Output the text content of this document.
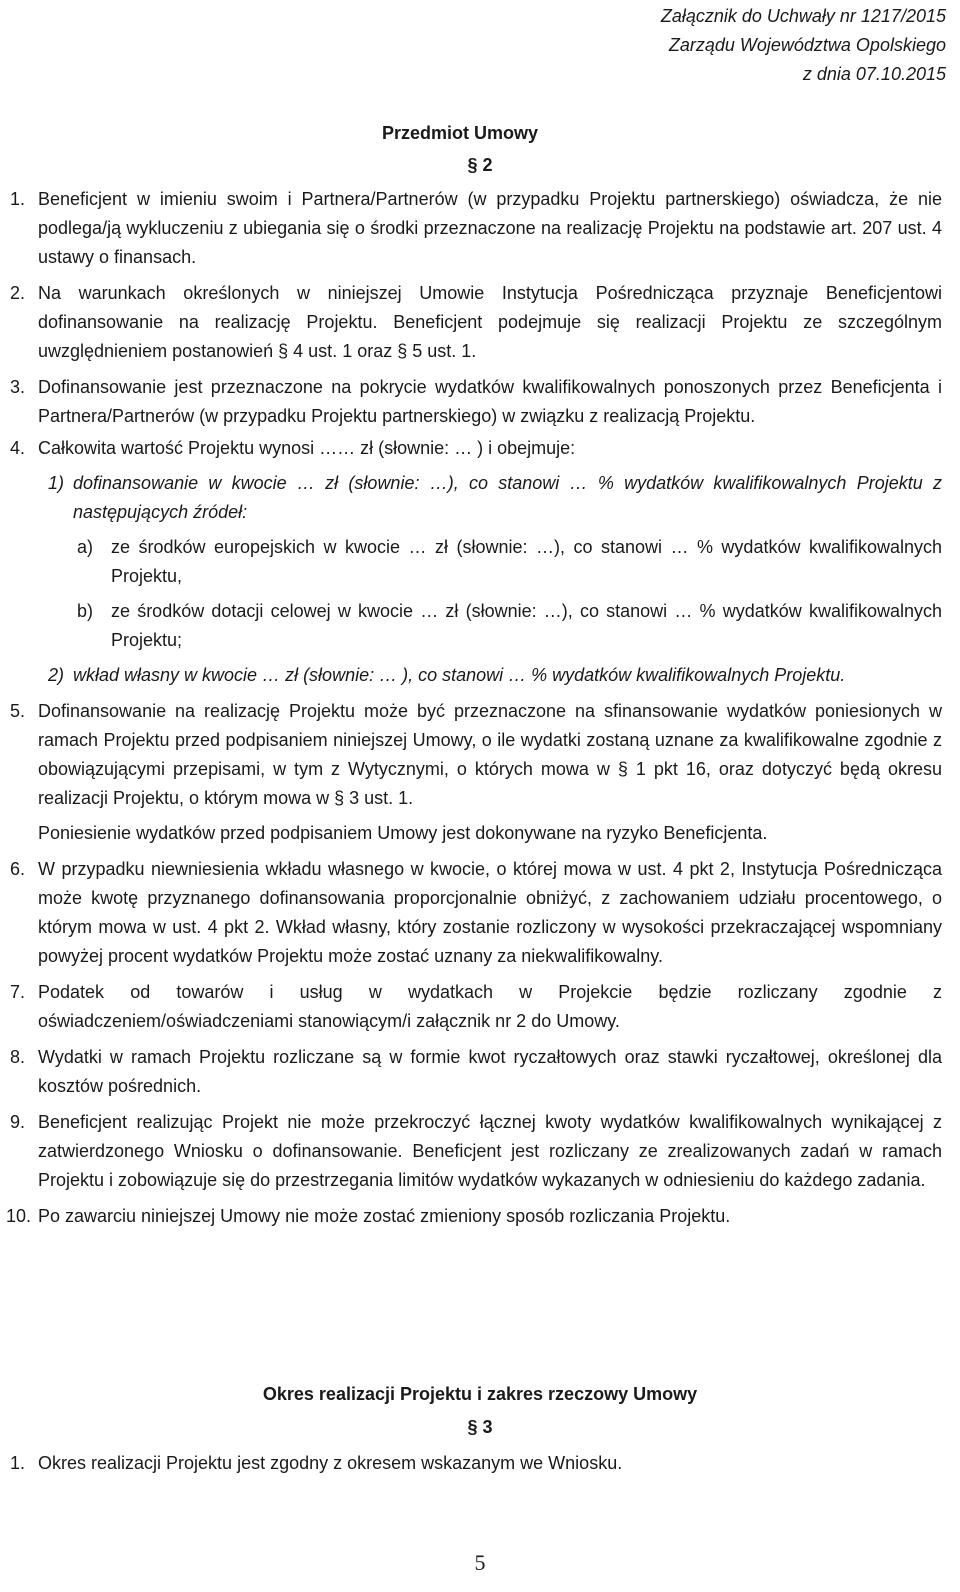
Załącznik do Uchwały nr 1217/2015
Zarządu Województwa Opolskiego
z dnia 07.10.2015
Przedmiot Umowy
§ 2
1. Beneficjent w imieniu swoim i Partnera/Partnerów (w przypadku Projektu partnerskiego) oświadcza, że nie podlega/ją wykluczeniu z ubiegania się o środki przeznaczone na realizację Projektu na podstawie art. 207 ust. 4 ustawy o finansach.

2. Na warunkach określonych w niniejszej Umowie Instytucja Pośrednicząca przyznaje Beneficjentowi dofinansowanie na realizację Projektu. Beneficjent podejmuje się realizacji Projektu ze szczególnym uwzględnieniem postanowień § 4 ust. 1 oraz § 5 ust. 1.

3. Dofinansowanie jest przeznaczone na pokrycie wydatków kwalifikowalnych ponoszonych przez Beneficjenta i Partnera/Partnerów (w przypadku Projektu partnerskiego) w związku z realizacją Projektu.

4. Całkowita wartość Projektu wynosi …… zł (słownie: … ) i obejmuje:

1) dofinansowanie w kwocie … zł (słownie: …), co stanowi … % wydatków kwalifikowalnych Projektu z następujących źródeł:
a) ze środków europejskich w kwocie … zł (słownie: …), co stanowi … % wydatków kwalifikowalnych Projektu,
b) ze środków dotacji celowej w kwocie … zł (słownie: …), co stanowi … % wydatków kwalifikowalnych Projektu;
2) wkład własny w kwocie … zł (słownie: … ), co stanowi … % wydatków kwalifikowalnych Projektu.
5. Dofinansowanie na realizację Projektu może być przeznaczone na sfinansowanie wydatków poniesionych w ramach Projektu przed podpisaniem niniejszej Umowy, o ile wydatki zostaną uznane za kwalifikowalne zgodnie z obowiązującymi przepisami, w tym z Wytycznymi, o których mowa w § 1 pkt 16, oraz dotyczyć będą okresu realizacji Projektu, o którym mowa w § 3 ust. 1.

Poniesienie wydatków przed podpisaniem Umowy jest dokonywane na ryzyko Beneficjenta.

6. W przypadku niewniesienia wkładu własnego w kwocie, o której mowa w ust. 4 pkt 2, Instytucja Pośrednicząca może kwotę przyznanego dofinansowania proporcjonalnie obniżyć, z zachowaniem udziału procentowego, o którym mowa w ust. 4 pkt 2. Wkład własny, który zostanie rozliczony w wysokości przekraczającej wspomniany powyżej procent wydatków Projektu może zostać uznany za niekwalifikowalny.

7. Podatek od towarów i usług w wydatkach w Projekcie będzie rozliczany zgodnie z oświadczeniem/oświadczeniami stanowiącym/i załącznik nr 2 do Umowy.

8. Wydatki w ramach Projektu rozliczane są w formie kwot ryczałtowych oraz stawki ryczałtowej, określonej dla kosztów pośrednich.

9. Beneficjent realizując Projekt nie może przekroczyć łącznej kwoty wydatków kwalifikowalnych wynikającej z zatwierdzonego Wniosku o dofinansowanie. Beneficjent jest rozliczany ze zrealizowanych zadań w ramach Projektu i zobowiązuje się do przestrzegania limitów wydatków wykazanych w odniesieniu do każdego zadania.

10. Po zawarciu niniejszej Umowy nie może zostać zmieniony sposób rozliczania Projektu.

Okres realizacji Projektu i zakres rzeczowy Umowy
§ 3
1. Okres realizacji Projektu jest zgodny z okresem wskazanym we Wniosku.

5
